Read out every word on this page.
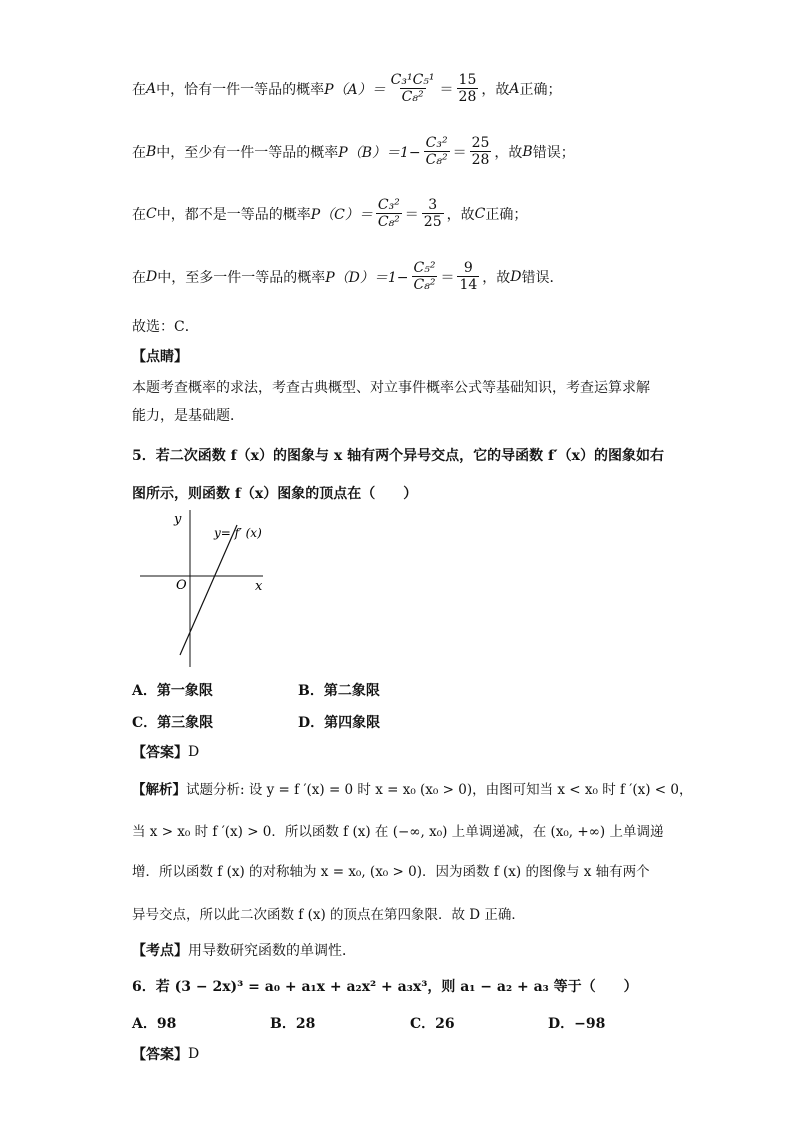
在 A 中，恰有一件一等品的概率 $P(A)= \frac{\text{C₃¹C₅¹}}{\text{C₈²}} = \frac{15}{28}$ ，故 A 正确；
在 B 中，至少有一件一等品的概率 $P(B)=1- \frac{\text{C₃²}}{\text{C₈²}} = \frac{25}{28}$ ，故 B 错误；
在 C 中，都不是一等品的概率 $P(C)= \frac{\text{C₃²}}{\text{C₈²}} = \frac{3}{25}$ ，故 C 正确；
在 D 中，至多一件一等品的概率 $P(D)=1- \frac{\text{C₅²}}{\text{C₈²}} = \frac{9}{14}$ ，故 D 错误．
故选：C．
【点睛】
本题考查概率的求法，考查古典概型、对立事件概率公式等基础知识，考查运算求解能力，是基础题．
5．若二次函数 f（x）的图象与 x 轴有两个异号交点，它的导函数 f′（x）的图象如右
图所示，则函数 f（x）图象的顶点在（　　）
y
x
O
y= f′ (x)
A．第一象限	B．第二象限
C．第三象限	D．第四象限
【答案】 D
【解析】 试题分析: 设 y = f ′(x) = 0 时 x = x₀ (x₀ > 0)，由图可知当 x < x₀ 时 f ′(x) < 0，
当 x > x₀ 时 f ′(x) > 0．所以函数 f (x) 在 (−∞, x₀) 上单调递减，在 (x₀, +∞) 上单调递
增．所以函数 f (x) 的对称轴为 x = x₀, (x₀ > 0)．因为函数 f (x) 的图像与 x 轴有两个
异号交点，所以此二次函数 f (x) 的顶点在第四象限．故 D 正确．
【考点】 用导数研究函数的单调性．
6．若 (3 − 2x)³ = a₀ + a₁x + a₂x² + a₃x³，则 a₁ − a₂ + a₃ 等于（　　）
A．98	B．28	C．26	D．−98
【答案】 D
